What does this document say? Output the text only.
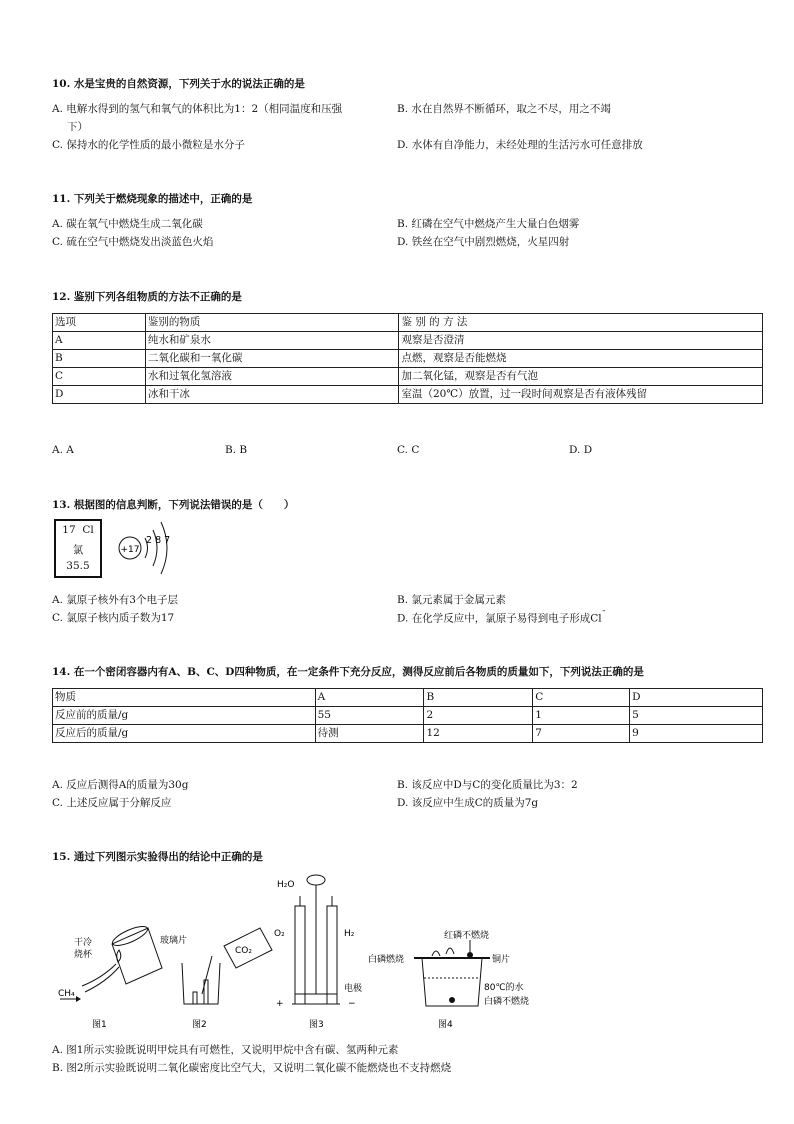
10. 水是宝贵的自然资源，下列关于水的说法正确的是
A. 电解水得到的氢气和氧气的体积比为1：2（相同温度和压强
下）
B. 水在自然界不断循环，取之不尽，用之不竭
C. 保持水的化学性质的最小微粒是水分子	D. 水体有自净能力，未经处理的生活污水可任意排放
11. 下列关于燃烧现象的描述中，正确的是
A. 碳在氧气中燃烧生成二氧化碳	B. 红磷在空气中燃烧产生大量白色烟雾
C. 硫在空气中燃烧发出淡蓝色火焰	D. 铁丝在空气中剧烈燃烧，火星四射
12. 鉴别下列各组物质的方法不正确的是
选项	鉴别的物质	鉴 别 的 方 法
A	纯水和矿泉水	观察是否澄清
B	二氧化碳和一氧化碳	点燃，观察是否能燃烧
C	水和过氧化氢溶液	加二氧化锰，观察是否有气泡
D	冰和干冰	室温（20℃）放置，过一段时间观察是否有液体残留
A. A	B. B	C. C	D. D
13. 根据图的信息判断，下列说法错误的是（　　）
17 Cl
氯
35.5
+17
2 8 7
A. 氯原子核外有3个电子层	B. 氯元素属于金属元素
C. 氯原子核内质子数为17	D. 在化学反应中，氯原子易得到电子形成$Cl^ˉ$
14. 在一个密闭容器内有A、B、C、D四种物质，在一定条件下充分反应，测得反应前后各物质的质量如下，下列说法正确的是
物质	A	B	C	D
反应前的质量/g	55	2	1	5
反应后的质量/g	待测	12	7	9
A. 反应后测得A的质量为30g	B. 该反应中D与C的变化质量比为3：2
C. 上述反应属于分解反应	D. 该反应中生成C的质量为7g
15. 通过下列图示实验得出的结论中正确的是
干冷
烧杯
CH₄
图1
CO₂
玻璃片
图2
H₂O
O₂	H₂
电极
+	−
图3
红磷不燃烧
白磷燃烧	铜片
80℃的水
白磷不燃烧
图4
A. 图1所示实验既说明甲烷具有可燃性，又说明甲烷中含有碳、氢两种元素
B. 图2所示实验既说明二氧化碳密度比空气大，又说明二氧化碳不能燃烧也不支持燃烧
